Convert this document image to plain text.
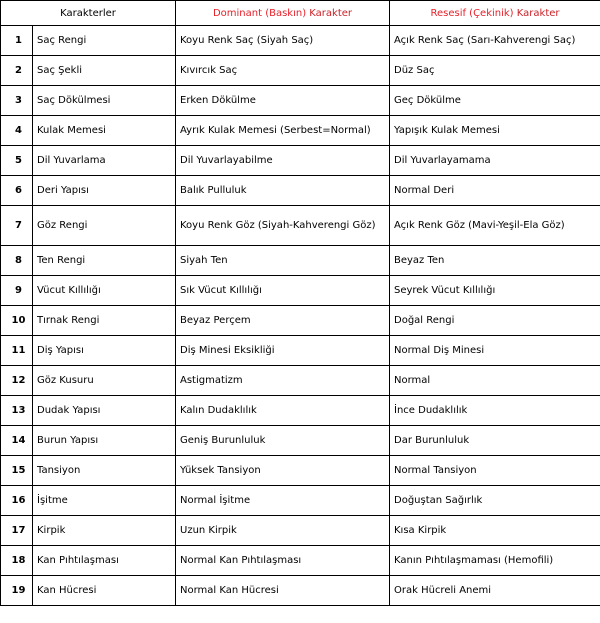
Karakterler		Dominant (Baskın) Karakter	Resesif (Çekinik) Karakter
1	Saç Rengi	Koyu Renk Saç (Siyah Saç)	Açık Renk Saç (Sarı-Kahverengi Saç)
2	Saç Şekli	Kıvırcık Saç	Düz Saç
3	Saç Dökülmesi	Erken Dökülme	Geç Dökülme
4	Kulak Memesi	Ayrık Kulak Memesi (Serbest=Normal)	Yapışık Kulak Memesi
5	Dil Yuvarlama	Dil Yuvarlayabilme	Dil Yuvarlayamama
6	Deri Yapısı	Balık Pulluluk	Normal Deri
7	Göz Rengi	Koyu Renk Göz (Siyah-Kahverengi Göz)	Açık Renk Göz (Mavi-Yeşil-Ela Göz)
8	Ten Rengi	Siyah Ten	Beyaz Ten
9	Vücut Kıllılığı	Sık Vücut Kıllılığı	Seyrek Vücut Kıllılığı
10	Tırnak Rengi	Beyaz Perçem	Doğal Rengi
11	Diş Yapısı	Diş Minesi Eksikliği	Normal Diş Minesi
12	Göz Kusuru	Astigmatizm	Normal
13	Dudak Yapısı	Kalın Dudaklılık	İnce Dudaklılık
14	Burun Yapısı	Geniş Burunluluk	Dar Burunluluk
15	Tansiyon	Yüksek Tansiyon	Normal Tansiyon
16	İşitme	Normal İşitme	Doğuştan Sağırlık
17	Kirpik	Uzun Kirpik	Kısa Kirpik
18	Kan Pıhtılaşması	Normal Kan Pıhtılaşması	Kanın Pıhtılaşmaması (Hemofili)
19	Kan Hücresi	Normal Kan Hücresi	Orak Hücreli Anemi
